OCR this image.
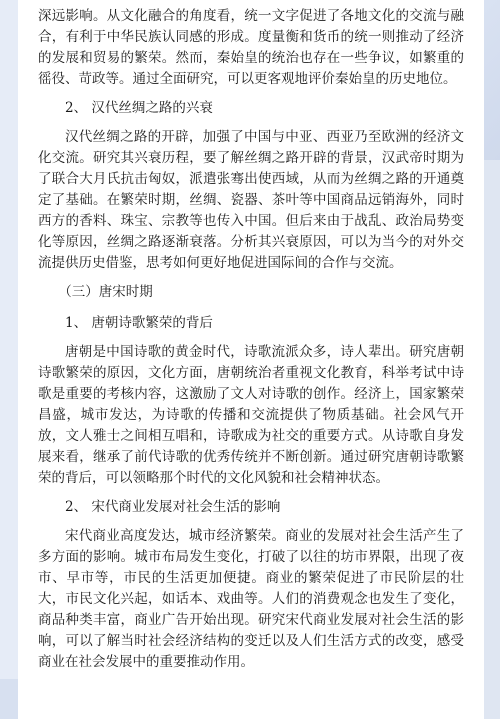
深远影响。从文化融合的角度看，统一文字促进了各地文化的交流与融合，有利于中华民族认同感的形成。度量衡和货币的统一则推动了经济的发展和贸易的繁荣。然而，秦始皇的统治也存在一些争议，如繁重的徭役、苛政等。通过全面研究，可以更客观地评价秦始皇的历史地位。

2、 汉代丝绸之路的兴衰

汉代丝绸之路的开辟，加强了中国与中亚、西亚乃至欧洲的经济文化交流。研究其兴衰历程，要了解丝绸之路开辟的背景，汉武帝时期为了联合大月氏抗击匈奴，派遣张骞出使西域，从而为丝绸之路的开通奠定了基础。在繁荣时期，丝绸、瓷器、茶叶等中国商品远销海外，同时西方的香料、珠宝、宗教等也传入中国。但后来由于战乱、政治局势变化等原因，丝绸之路逐渐衰落。分析其兴衰原因，可以为当今的对外交流提供历史借鉴，思考如何更好地促进国际间的合作与交流。

（三）唐宋时期

1、 唐朝诗歌繁荣的背后

唐朝是中国诗歌的黄金时代，诗歌流派众多，诗人辈出。研究唐朝诗歌繁荣的原因，文化方面，唐朝统治者重视文化教育，科举考试中诗歌是重要的考核内容，这激励了文人对诗歌的创作。经济上，国家繁荣昌盛，城市发达，为诗歌的传播和交流提供了物质基础。社会风气开放，文人雅士之间相互唱和，诗歌成为社交的重要方式。从诗歌自身发展来看，继承了前代诗歌的优秀传统并不断创新。通过研究唐朝诗歌繁荣的背后，可以领略那个时代的文化风貌和社会精神状态。

2、 宋代商业发展对社会生活的影响

宋代商业高度发达，城市经济繁荣。商业的发展对社会生活产生了多方面的影响。城市布局发生变化，打破了以往的坊市界限，出现了夜市、早市等，市民的生活更加便捷。商业的繁荣促进了市民阶层的壮大，市民文化兴起，如话本、戏曲等。人们的消费观念也发生了变化，商品种类丰富，商业广告开始出现。研究宋代商业发展对社会生活的影响，可以了解当时社会经济结构的变迁以及人们生活方式的改变，感受商业在社会发展中的重要推动作用。
